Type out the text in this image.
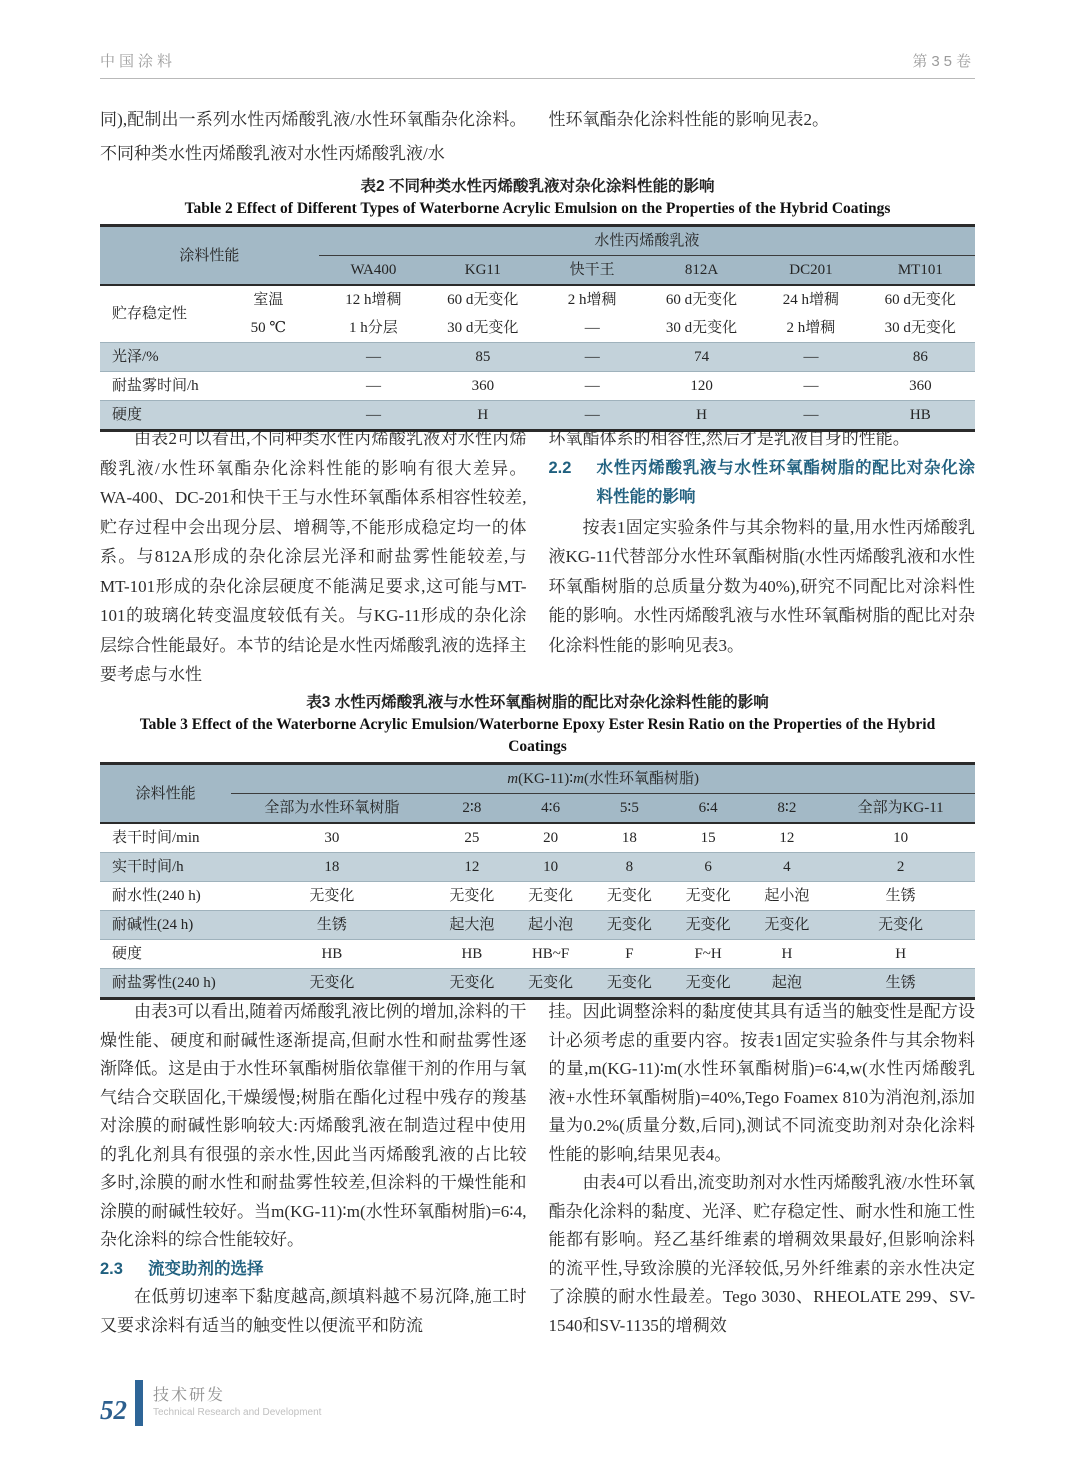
中国涂料	第35卷

同),配制出一系列水性丙烯酸乳液/水性环氧酯杂化涂料。不同种类水性丙烯酸乳液对水性丙烯酸乳液/水

性环氧酯杂化涂料性能的影响见表2。

表2 不同种类水性丙烯酸乳液对杂化涂料性能的影响
Table 2 Effect of Different Types of Waterborne Acrylic Emulsion on the Properties of the Hybrid Coatings
涂料性能		水性丙烯酸乳液					
		WA400	KG11	快干王	812A	DC201	MT101
贮存稳定性	室温	12 h增稠	60 d无变化	2 h增稠	60 d无变化	24 h增稠	60 d无变化
	50 ℃	1 h分层	30 d无变化	—	30 d无变化	2 h增稠	30 d无变化
光泽/%		—	85	—	74	—	86
耐盐雾时间/h		—	360	—	120	—	360
硬度		—	H	—	H	—	HB

由表2可以看出,不同种类水性丙烯酸乳液对水性丙烯酸乳液/水性环氧酯杂化涂料性能的影响有很大差异。WA-400、DC-201和快干王与水性环氧酯体系相容性较差,贮存过程中会出现分层、增稠等,不能形成稳定均一的体系。与812A形成的杂化涂层光泽和耐盐雾性能较差,与MT-101形成的杂化涂层硬度不能满足要求,这可能与MT-101的玻璃化转变温度较低有关。与KG-11形成的杂化涂层综合性能最好。本节的结论是水性丙烯酸乳液的选择主要考虑与水性

环氧酯体系的相容性,然后才是乳液自身的性能。

2.2	水性丙烯酸乳液与水性环氧酯树脂的配比对杂化涂料性能的影响

按表1固定实验条件与其余物料的量,用水性丙烯酸乳液KG-11代替部分水性环氧酯树脂(水性丙烯酸乳液和水性环氧酯树脂的总质量分数为40%),研究不同配比对涂料性能的影响。水性丙烯酸乳液与水性环氧酯树脂的配比对杂化涂料性能的影响见表3。

表3 水性丙烯酸乳液与水性环氧酯树脂的配比对杂化涂料性能的影响
Table 3 Effect of the Waterborne Acrylic Emulsion/Waterborne Epoxy Ester Resin Ratio on the Properties of the Hybrid
Coatings
涂料性能	m(KG-11)∶m(水性环氧酯树脂)						
	全部为水性环氧树脂	2∶8	4∶6	5∶5	6∶4	8∶2	全部为KG-11
表干时间/min	30	25	20	18	15	12	10
实干时间/h	18	12	10	8	6	4	2
耐水性(240 h)	无变化	无变化	无变化	无变化	无变化	起小泡	生锈
耐碱性(24 h)	生锈	起大泡	起小泡	无变化	无变化	无变化	无变化
硬度	HB	HB	HB~F	F	F~H	H	H
耐盐雾性(240 h)	无变化	无变化	无变化	无变化	无变化	起泡	生锈

由表3可以看出,随着丙烯酸乳液比例的增加,涂料的干燥性能、硬度和耐碱性逐渐提高,但耐水性和耐盐雾性逐渐降低。这是由于水性环氧酯树脂依靠催干剂的作用与氧气结合交联固化,干燥缓慢;树脂在酯化过程中残存的羧基对涂膜的耐碱性影响较大:丙烯酸乳液在制造过程中使用的乳化剂具有很强的亲水性,因此当丙烯酸乳液的占比较多时,涂膜的耐水性和耐盐雾性较差,但涂料的干燥性能和涂膜的耐碱性较好。当m(KG-11)∶m(水性环氧酯树脂)=6∶4,杂化涂料的综合性能较好。

2.3	流变助剂的选择

在低剪切速率下黏度越高,颜填料越不易沉降,施工时又要求涂料有适当的触变性以便流平和防流

挂。因此调整涂料的黏度使其具有适当的触变性是配方设计必须考虑的重要内容。按表1固定实验条件与其余物料的量,m(KG-11)∶m(水性环氧酯树脂)=6∶4,w(水性丙烯酸乳液+水性环氧酯树脂)=40%,Tego Foamex 810为消泡剂,添加量为0.2%(质量分数,后同),测试不同流变助剂对杂化涂料性能的影响,结果见表4。

由表4可以看出,流变助剂对水性丙烯酸乳液/水性环氧酯杂化涂料的黏度、光泽、贮存稳定性、耐水性和施工性能都有影响。羟乙基纤维素的增稠效果最好,但影响涂料的流平性,导致涂膜的光泽较低,另外纤维素的亲水性决定了涂膜的耐水性最差。Tego 3030、RHEOLATE 299、SV-1540和SV-1135的增稠效

52 技术研发
Technical Research and Development
